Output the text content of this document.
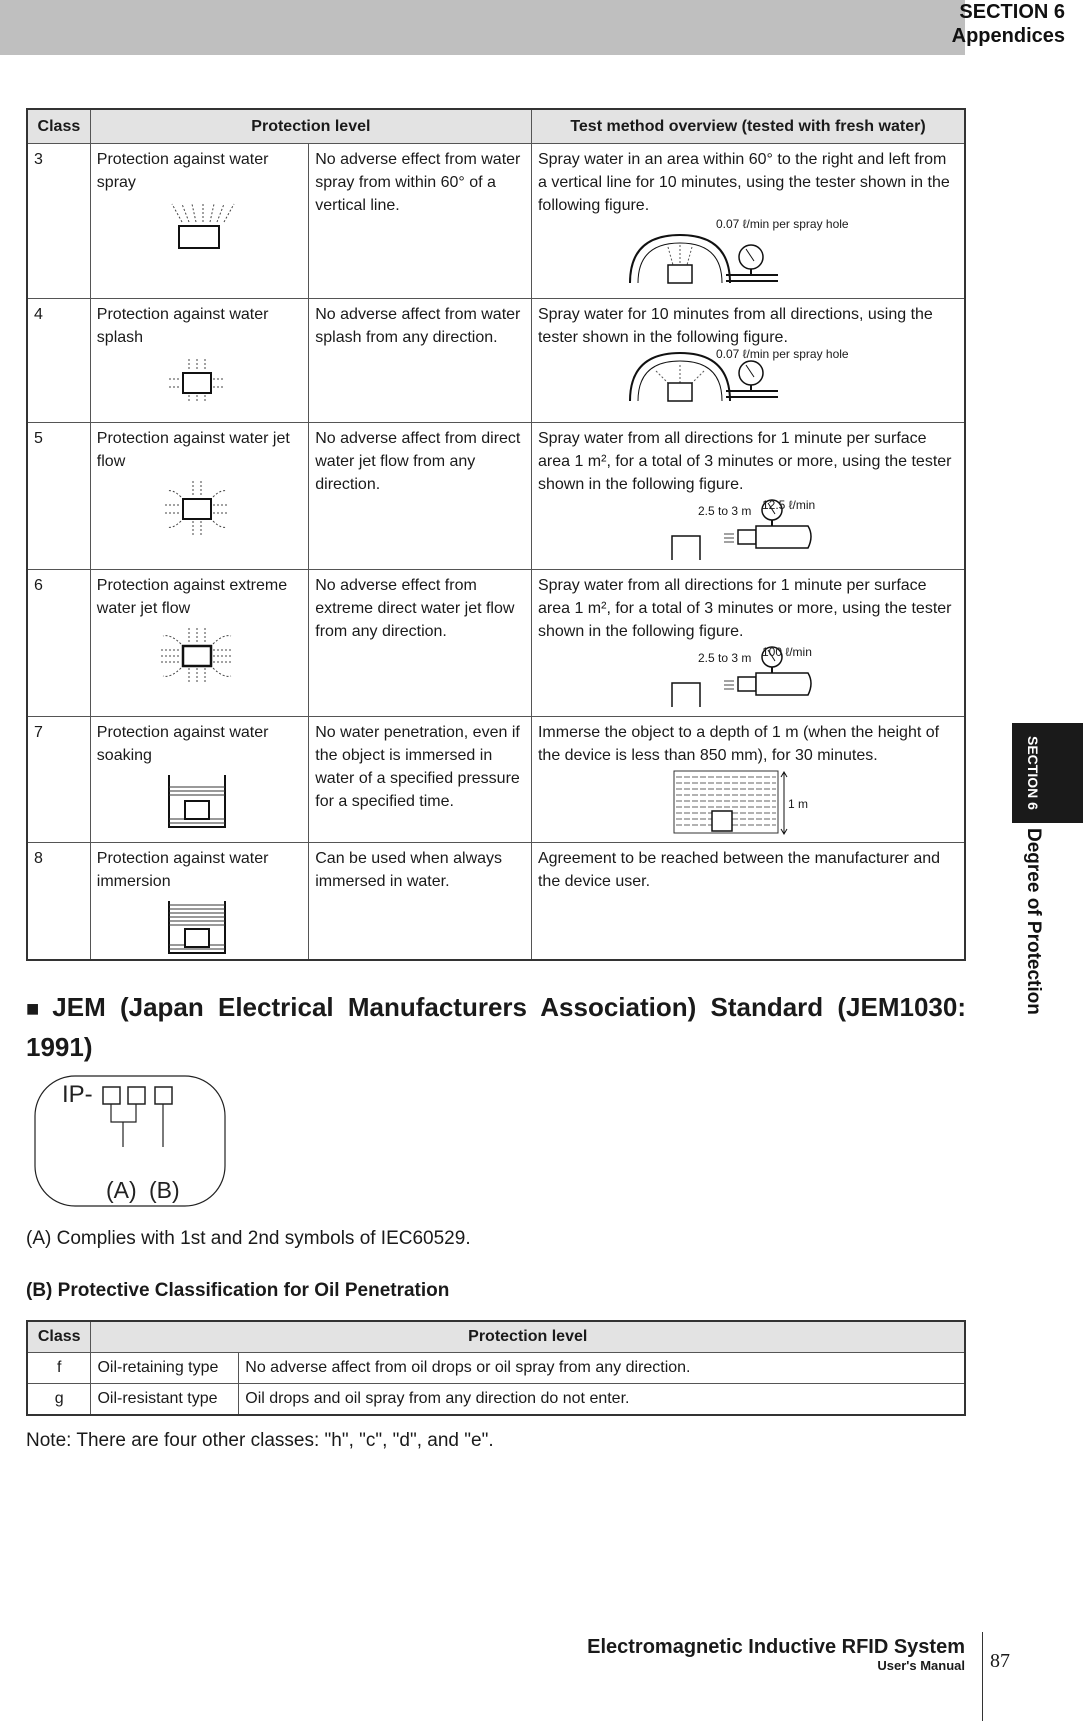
SECTION 6
Appendices
SECTION 6
Degree of Protection
Class	Protection level		Test method overview (tested with fresh water)
3	Protection against water spray	No adverse effect from water spray from within 60° of a vertical line.	Spray water in an area within 60° to the right and left from a vertical line for 10 minutes, using the tester shown in the following figure.
0.07 ℓ/min per spray hole

4	Protection against water splash	No adverse affect from water splash from any direction.	Spray water for 10 minutes from all directions, using the tester shown in the following figure.
0.07 ℓ/min per spray hole

5	Protection against water jet flow	No adverse affect from direct water jet flow from any direction.	Spray water from all directions for 1 minute per surface area 1 m², for a total of 3 minutes or more, using the tester shown in the following figure.
2.5 to 3 m 12.5 ℓ/min

6	Protection against extreme water jet flow	No adverse effect from extreme direct water jet flow from any direction.	Spray water from all directions for 1 minute per surface area 1 m², for a total of 3 minutes or more, using the tester shown in the following figure.
2.5 to 3 m 100 ℓ/min

7	Protection against water soaking	No water penetration, even if the object is immersed in water of a specified pressure for a specified time.	Immerse the object to a depth of 1 m (when the height of the device is less than 850 mm), for 30 minutes.
1 m

8	Protection against water immersion	Can be used when always immersed in water.	Agreement to be reached between the manufacturer and the device user.
■ JEM (Japan Electrical Manufacturers Association) Standard (JEM1030: 1991)
IP-
(A) (B)
(A) Complies with 1st and 2nd symbols of IEC60529.
(B) Protective Classification for Oil Penetration
Class	Protection level	
f	Oil-retaining type	No adverse affect from oil drops or oil spray from any direction.
g	Oil-resistant type	Oil drops and oil spray from any direction do not enter.
Note: There are four other classes: "h", "c", "d", and "e".
Electromagnetic Inductive RFID System
User's Manual 87
